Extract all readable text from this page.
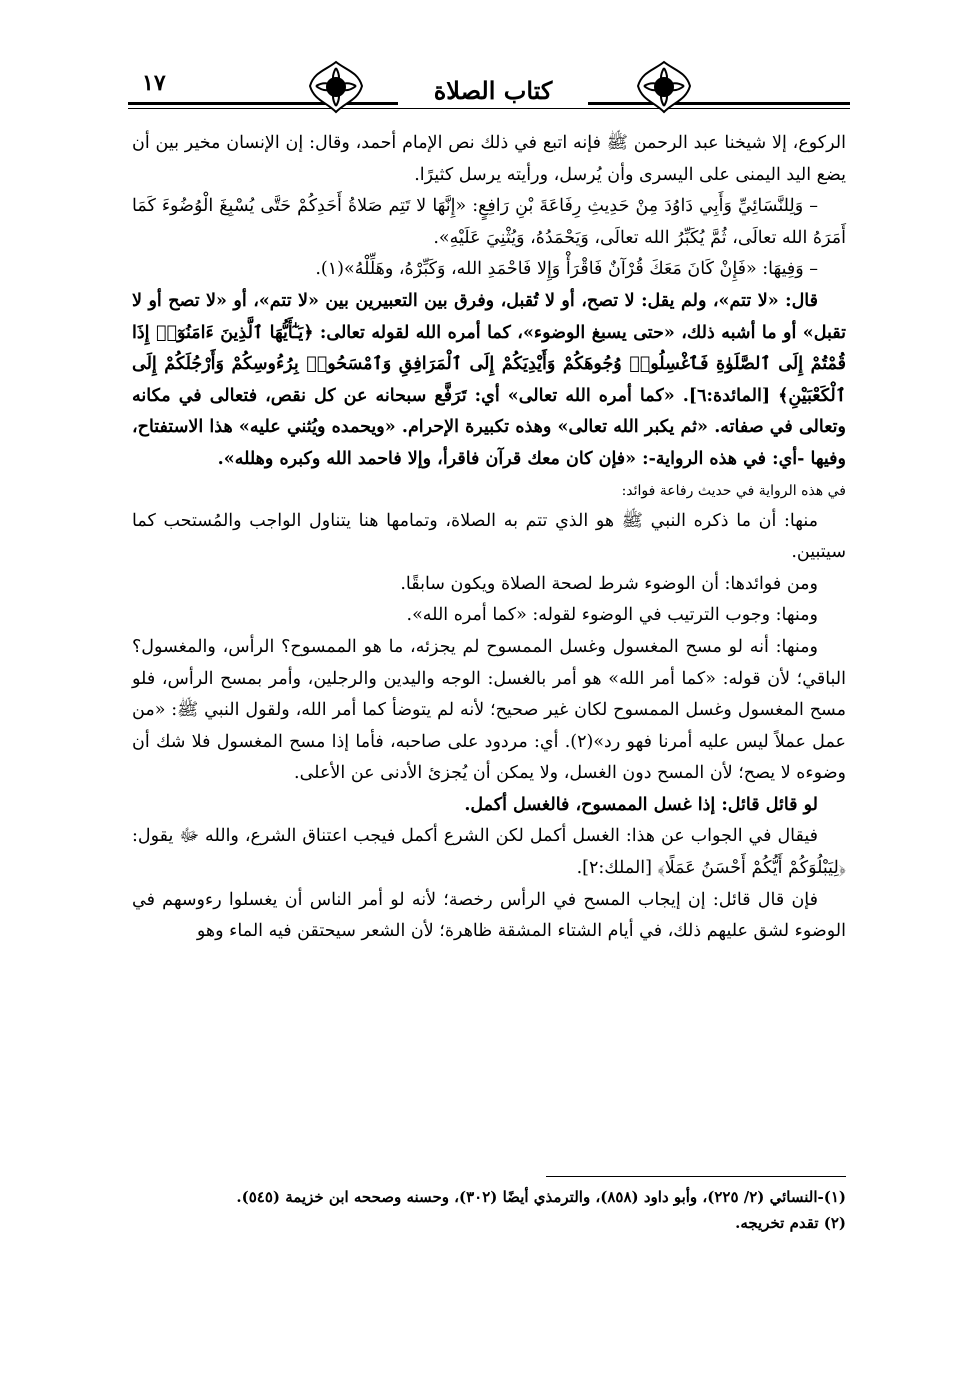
١٧	كتاب الصلاة

الركوع، إلا شيخنا عبد الرحمن ﷺ فإنه اتبع في ذلك نص الإمام أحمد، وقال: إن الإنسان مخير بين أن يضع اليد اليمنى على اليسرى وأن يُرسل، ورأيته يرسل كثيرًا.

– وَلِلنَّسَائِيِّ وَأَبِي دَاوُدَ مِنْ حَدِيثِ رِفَاعَةَ بْنِ رَافِعٍ: «إِنَّهَا لا تَتِم صَلاةُ أَحَدِكُمْ حَتَّى يُسْبِغَ الْوُضُوءَ كَمَا أَمَرَهُ الله تعالَى، ثُمَّ يُكَبِّرُ الله تعالَى، وَيَحْمَدُهُ، وَيُثْنِيَ عَلَيْهِ».

– وَفِيهَا: «فَإِنْ كَانَ مَعَكَ قُرْآنٌ فَاقْرَأْ وَإِلا فَاحْمَدِ الله، وَكَبِّرْهُ، وهَلِّلْهُ»(١).

قال: «لا تتم»، ولم يقل: لا تصح، أو لا تُقبل، وفرق بين التعبيرين بين «لا تتم»، أو «لا تصح أو لا تقبل» أو ما أشبه ذلك، «حتى يسبغ الوضوء»، كما أمره الله لقوله تعالى: ﴿يَـٰٓأَيُّهَا ٱلَّذِينَ ءَامَنُوٓا۟ إِذَا قُمْتُمْ إِلَى ٱلصَّلَوٰةِ فَٱغْسِلُوا۟ وُجُوهَكُمْ وَأَيْدِيَكُمْ إِلَى ٱلْمَرَافِقِ وَٱمْسَحُوا۟ بِرُءُوسِكُمْ وَأَرْجُلَكُمْ إِلَى ٱلْكَعْبَيْنِ﴾ [المائدة:٦]. «كما أمره الله تعالى» أي: تَرَفَّع سبحانه عن كل نقص، فتعالى في مكانه وتعالى في صفاته. «ثم يكبر الله تعالى» وهذه تكبيرة الإحرام. «ويحمده ويُثني عليه» هذا الاستفتاح، وفيها -أي: في هذه الرواية-: «فإن كان معك قرآن فاقرأ، وإلا فاحمد الله وكبره وهلله».

في هذه الرواية في حديث رفاعة فوائد:

منها: أن ما ذكره النبي ﷺ هو الذي تتم به الصلاة، وتمامها هنا يتناول الواجب والمُستحب كما سيتبين.

ومن فوائدها: أن الوضوء شرط لصحة الصلاة ويكون سابقًا.

ومنها: وجوب الترتيب في الوضوء لقوله: «كما أمره الله».

ومنها: أنه لو مسح المغسول وغسل الممسوح لم يجزئه، ما هو الممسوح؟ الرأس، والمغسول؟ الباقي؛ لأن قوله: «كما أمر الله» هو أمر بالغسل: الوجه واليدين والرجلين، وأمر بمسح الرأس، فلو مسح المغسول وغسل الممسوح لكان غير صحيح؛ لأنه لم يتوضأ كما أمر الله، ولقول النبي ﷺ: «من عمل عملاً ليس عليه أمرنا فهو رد»(٢). أي: مردود على صاحبه، فأما إذا مسح المغسول فلا شك أن وضوءه لا يصح؛ لأن المسح دون الغسل، ولا يمكن أن يُجزئ الأدنى عن الأعلى.

لو قائل قائل: إذا غسل الممسوح، فالغسل أكمل.

فيقال في الجواب عن هذا: الغسل أكمل لكن الشرع أكمل فيجب اعتناق الشرع، والله ﷻ يقول: ﴿لِيَبْلُوَكُمْ أَيُّكُمْ أَحْسَنُ عَمَلًا﴾ [الملك:٢].

فإن قال قائل: إن إيجاب المسح في الرأس رخصة؛ لأنه لو أمر الناس أن يغسلوا رءوسهم في الوضوء لشق عليهم ذلك، في أيام الشتاء المشقة ظاهرة؛ لأن الشعر سيحتقن فيه الماء وهو

(١)-النسائي (٢/ ٢٢٥)، وأبو داود (٨٥٨)، والترمذي أيضًا (٣٠٢)، وحسنه وصححه ابن خزيمة (٥٤٥).

(٢) تقدم تخريجه.
